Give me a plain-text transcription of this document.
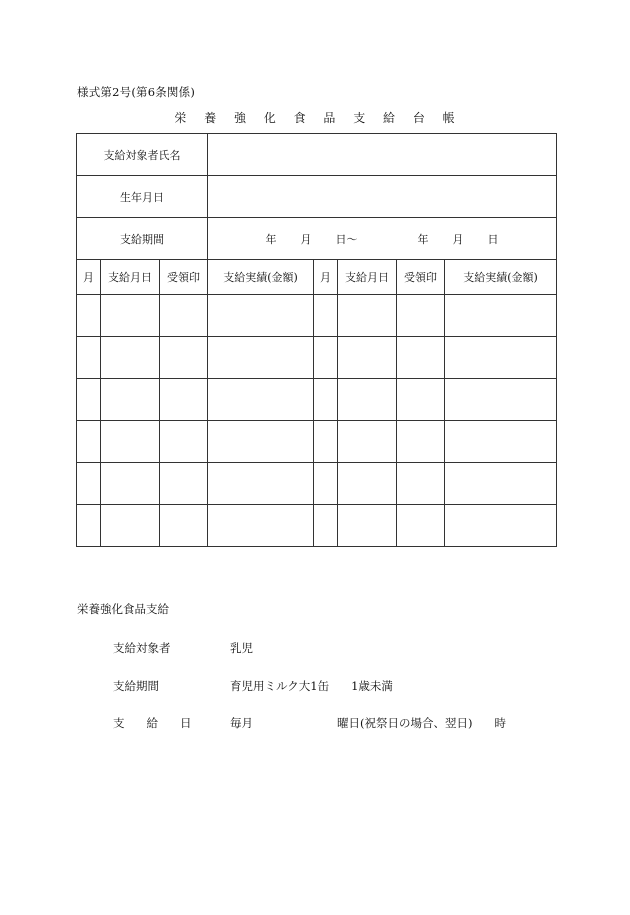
様式第2号(第6条関係)
栄 養 強 化 食 品 支 給 台 帳
支給対象者氏名							
生年月日							
支給期間			年 月 日〜 年 月 日				
月	支給月日	受領印	支給実績(金額)	月	支給月日	受領印	支給実績(金額)

栄養強化食品支給
支給対象者	乳児
支給期間	育児用ミルク大1缶 1歳未満
支 給 日	毎月	曜日(祝祭日の場合、翌日) 時
